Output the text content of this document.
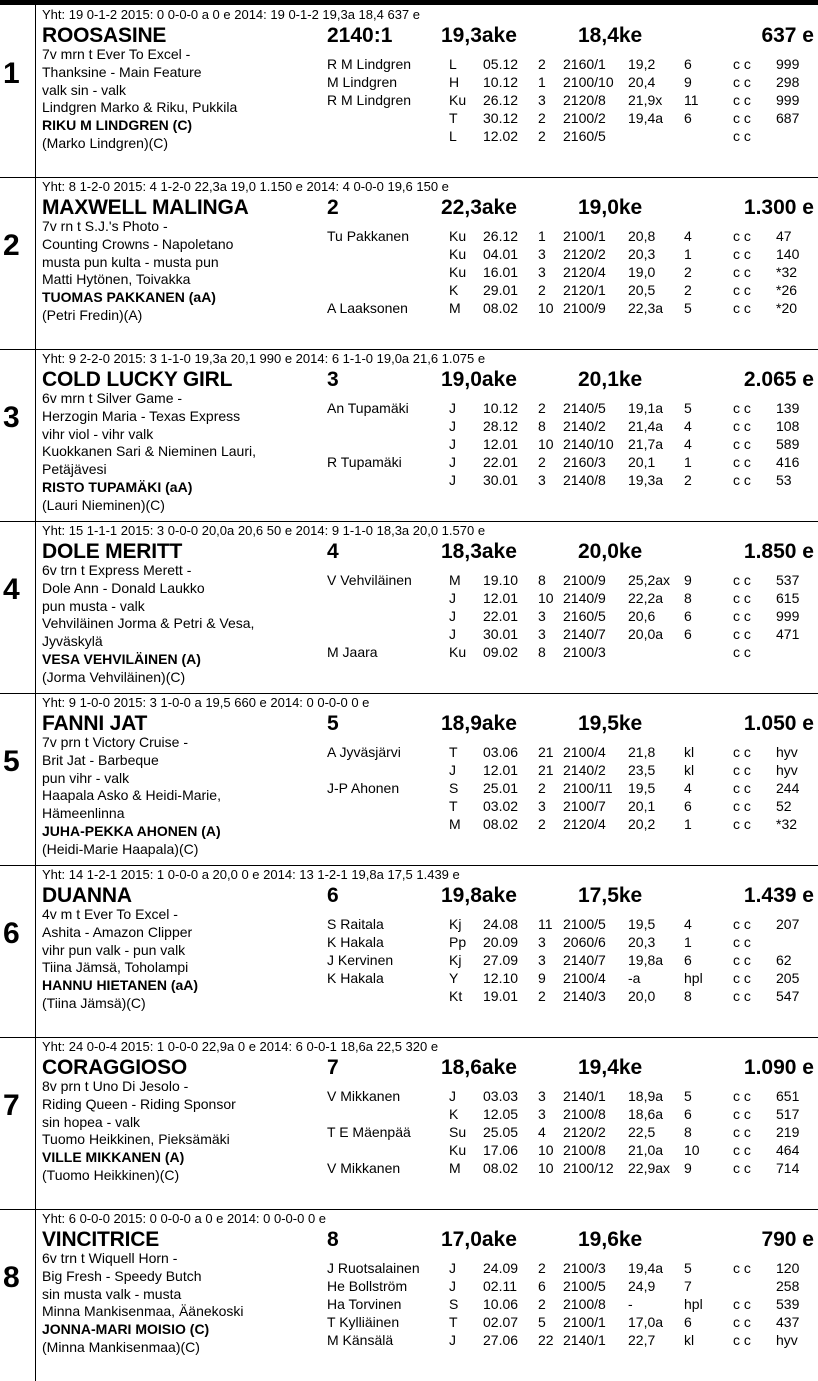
1
Yht: 19 0-1-2 2015: 0 0-0-0 a 0 e 2014: 19 0-1-2 19,3a 18,4 637 e
ROOSASINE	2140:1 19,3ake	18,4ke	637 e
7v mrn t Ever To Excel -
Thanksine - Main Feature
valk sin - valk
Lindgren Marko & Riku, Pukkila
RIKU M LINDGREN (C)
(Marko Lindgren)(C)
R M Lindgren	L 05.12 2 2160/1 19,2 6	c c 999
M Lindgren	H 10.12 1 2100/10 20,4 9	c c 298
R M Lindgren	Ku 26.12 3 2120/8 21,9x 11 c c 999
T 30.12 2 2100/2 19,4a 6	c c 687
L 12.02 2 2160/5	c c
2
Yht: 8 1-2-0 2015: 4 1-2-0 22,3a 19,0 1.150 e 2014: 4 0-0-0 19,6 150 e
MAXWELL MALINGA	2	22,3ake	19,0ke	1.300 e
7v rn t S.J.'s Photo -
Counting Crowns - Napoletano
musta pun kulta - musta pun
Matti Hytönen, Toivakka
TUOMAS PAKKANEN (aA)
(Petri Fredin)(A)
Tu Pakkanen	Ku 26.12 1 2100/1 20,8 4	c c 47
Ku 04.01 3 2120/2 20,3 1	c c 140
Ku 16.01 3 2120/4 19,0 2	c c *32
K 29.01 2 2120/1 20,5 2	c c *26
A Laaksonen	M 08.02 10 2100/9 22,3a 5	c c *20
3
Yht: 9 2-2-0 2015: 3 1-1-0 19,3a 20,1 990 e 2014: 6 1-1-0 19,0a 21,6 1.075 e
COLD LUCKY GIRL	3	19,0ake	20,1ke	2.065 e
6v mrn t Silver Game -
Herzogin Maria - Texas Express
vihr viol - vihr valk
Kuokkanen Sari & Nieminen Lauri,
Petäjävesi
RISTO TUPAMÄKI (aA)
(Lauri Nieminen)(C)
An Tupamäki	J 10.12 2 2140/5 19,1a 5	c c 139
J 28.12 8 2140/2 21,4a 4	c c 108
J 12.01 10 2140/10 21,7a 4	c c 589
R Tupamäki	J 22.01 2 2160/3 20,1 1	c c 416
J 30.01 3 2140/8 19,3a 2	c c 53
4
Yht: 15 1-1-1 2015: 3 0-0-0 20,0a 20,6 50 e 2014: 9 1-1-0 18,3a 20,0 1.570 e
DOLE MERITT	4	18,3ake	20,0ke	1.850 e
6v trn t Express Merett -
Dole Ann - Donald Laukko
pun musta - valk
Vehviläinen Jorma & Petri & Vesa,
Jyväskylä
VESA VEHVILÄINEN (A)
(Jorma Vehviläinen)(C)
V Vehviläinen	M 19.10 8 2100/9 25,2ax 9	c c 537
J 12.01 10 2140/9 22,2a 8	c c 615
J 22.01 3 2160/5 20,6 6	c c 999
J 30.01 3 2140/7 20,0a 6	c c 471
M Jaara	Ku 09.02 8 2100/3	c c
5
Yht: 9 1-0-0 2015: 3 1-0-0 a 19,5 660 e 2014: 0 0-0-0 0 e
FANNI JAT	5	18,9ake	19,5ke	1.050 e
7v prn t Victory Cruise -
Brit Jat - Barbeque
pun vihr - valk
Haapala Asko & Heidi-Marie,
Hämeenlinna
JUHA-PEKKA AHONEN (A)
(Heidi-Marie Haapala)(C)
A Jyväsjärvi	T 03.06 21 2100/4 21,8 kl	c c hyv
J 12.01 21 2140/2 23,5 kl	c c hyv
J-P Ahonen	S 25.01 2 2100/11 19,5 4	c c 244
T 03.02 3 2100/7 20,1 6	c c 52
M 08.02 2 2120/4 20,2 1	c c *32
6
Yht: 14 1-2-1 2015: 1 0-0-0 a 20,0 0 e 2014: 13 1-2-1 19,8a 17,5 1.439 e
DUANNA	6	19,8ake	17,5ke	1.439 e
4v m t Ever To Excel -
Ashita - Amazon Clipper
vihr pun valk - pun valk
Tiina Jämsä, Toholampi
HANNU HIETANEN (aA)
(Tiina Jämsä)(C)
S Raitala	Kj 24.08 11 2100/5 19,5 4	c c 207
K Hakala	Pp 20.09 3 2060/6 20,3 1	c c
J Kervinen	Kj 27.09 3 2140/7 19,8a 6	c c 62
K Hakala	Y 12.10 9 2100/4 -a	hpl c c 205
Kt 19.01 2 2140/3 20,0 8	c c 547
7
Yht: 24 0-0-4 2015: 1 0-0-0 22,9a 0 e 2014: 6 0-0-1 18,6a 22,5 320 e
CORAGGIOSO	7	18,6ake	19,4ke	1.090 e
8v prn t Uno Di Jesolo -
Riding Queen - Riding Sponsor
sin hopea - valk
Tuomo Heikkinen, Pieksämäki
VILLE MIKKANEN (A)
(Tuomo Heikkinen)(C)
V Mikkanen	J 03.03 3 2140/1 18,9a 5	c c 651
K 12.05 3 2100/8 18,6a 6	c c 517
T E Mäenpää	Su 25.05 4 2120/2 22,5 8	c c 219
Ku 17.06 10 2100/8 21,0a 10 c c 464
V Mikkanen	M 08.02 10 2100/12 22,9ax 9	c c 714
8
Yht: 6 0-0-0 2015: 0 0-0-0 a 0 e 2014: 0 0-0-0 0 e
VINCITRICE	8	17,0ake	19,6ke	790 e
6v trn t Wiquell Horn -
Big Fresh - Speedy Butch
sin musta valk - musta
Minna Mankisenmaa, Äänekoski
JONNA-MARI MOISIO (C)
(Minna Mankisenmaa)(C)
J Ruotsalainen J 24.09 2 2100/3 19,4a 5	c c 120
He Bollström	J 02.11 6 2100/5 24,9 7	258
Ha Torvinen	S 10.06 2 2100/8 -	hpl c c 539
T Kylliäinen	T 02.07 5 2100/1 17,0a 6	c c 437
M Känsälä	J 27.06 22 2140/1 22,7 kl	c c hyv
